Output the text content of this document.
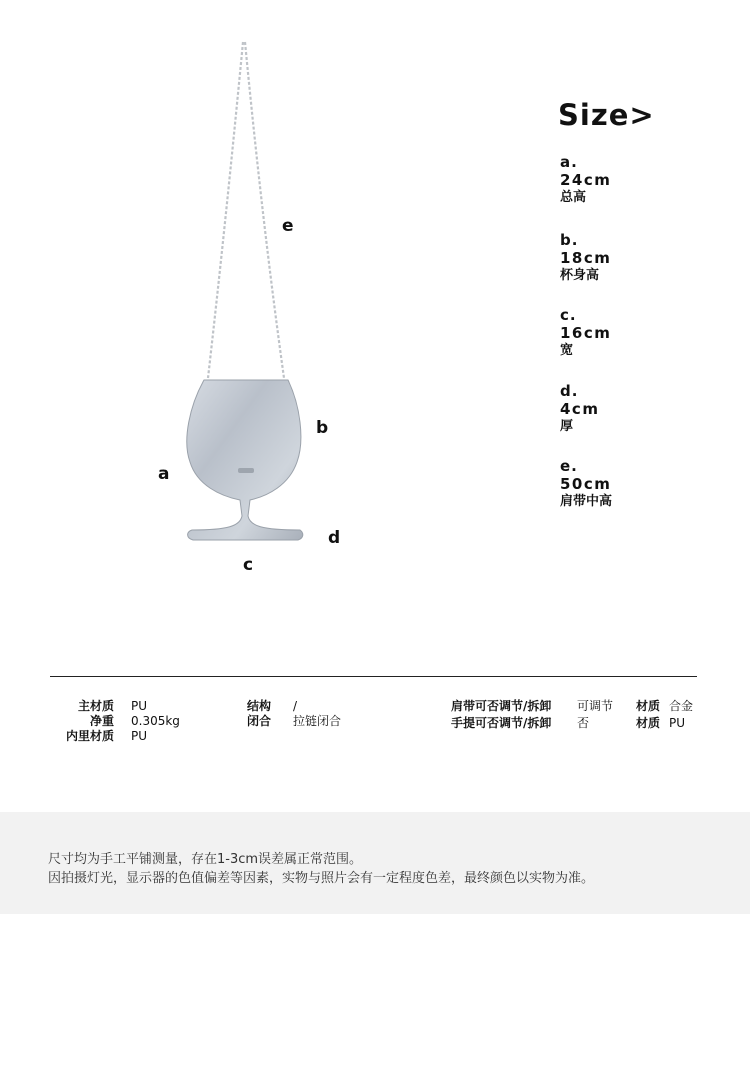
e
b
a
d
c
Size>
a.
24cm
总高
b.
18cm
杯身高
c.
16cm
宽
d.
4cm
厚
e.
50cm
肩带中高
主材质 PU
净重 0.305kg
内里材质 PU
结构 /
闭合 拉链闭合
肩带可否调节/拆卸 可调节
手提可否调节/拆卸 否
材质 合金
材质 PU

尺寸均为手工平铺测量，存在1-3cm误差属正常范围。

因拍摄灯光，显示器的色值偏差等因素，实物与照片会有一定程度色差，最终颜色以实物为准。
